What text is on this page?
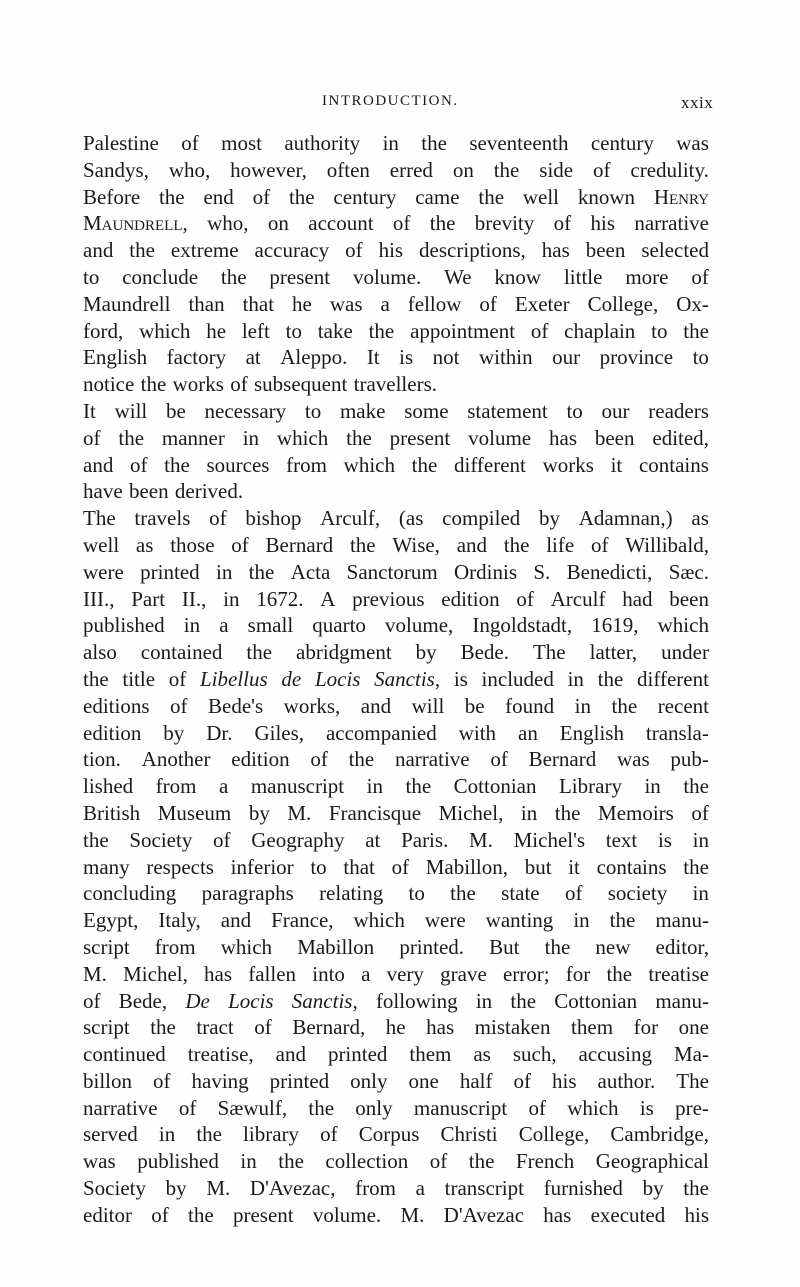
INTRODUCTION.	xxix
Palestine of most authority in the seventeenth century was
Sandys, who, however, often erred on the side of credulity.
Before the end of the century came the well known Henry
Maundrell, who, on account of the brevity of his narrative
and the extreme accuracy of his descriptions, has been selected
to conclude the present volume. We know little more of
Maundrell than that he was a fellow of Exeter College, Ox-
ford, which he left to take the appointment of chaplain to the
English factory at Aleppo. It is not within our province to
notice the works of subsequent travellers.
It will be necessary to make some statement to our readers
of the manner in which the present volume has been edited,
and of the sources from which the different works it contains
have been derived.
The travels of bishop Arculf, (as compiled by Adamnan,) as
well as those of Bernard the Wise, and the life of Willibald,
were printed in the Acta Sanctorum Ordinis S. Benedicti, Sæc.
III., Part II., in 1672. A previous edition of Arculf had been
published in a small quarto volume, Ingoldstadt, 1619, which
also contained the abridgment by Bede. The latter, under
the title of Libellus de Locis Sanctis, is included in the different
editions of Bede's works, and will be found in the recent
edition by Dr. Giles, accompanied with an English transla-
tion. Another edition of the narrative of Bernard was pub-
lished from a manuscript in the Cottonian Library in the
British Museum by M. Francisque Michel, in the Memoirs of
the Society of Geography at Paris. M. Michel's text is in
many respects inferior to that of Mabillon, but it contains the
concluding paragraphs relating to the state of society in
Egypt, Italy, and France, which were wanting in the manu-
script from which Mabillon printed. But the new editor,
M. Michel, has fallen into a very grave error; for the treatise
of Bede, De Locis Sanctis, following in the Cottonian manu-
script the tract of Bernard, he has mistaken them for one
continued treatise, and printed them as such, accusing Ma-
billon of having printed only one half of his author. The
narrative of Sæwulf, the only manuscript of which is pre-
served in the library of Corpus Christi College, Cambridge,
was published in the collection of the French Geographical
Society by M. D'Avezac, from a transcript furnished by the
editor of the present volume. M. D'Avezac has executed his
